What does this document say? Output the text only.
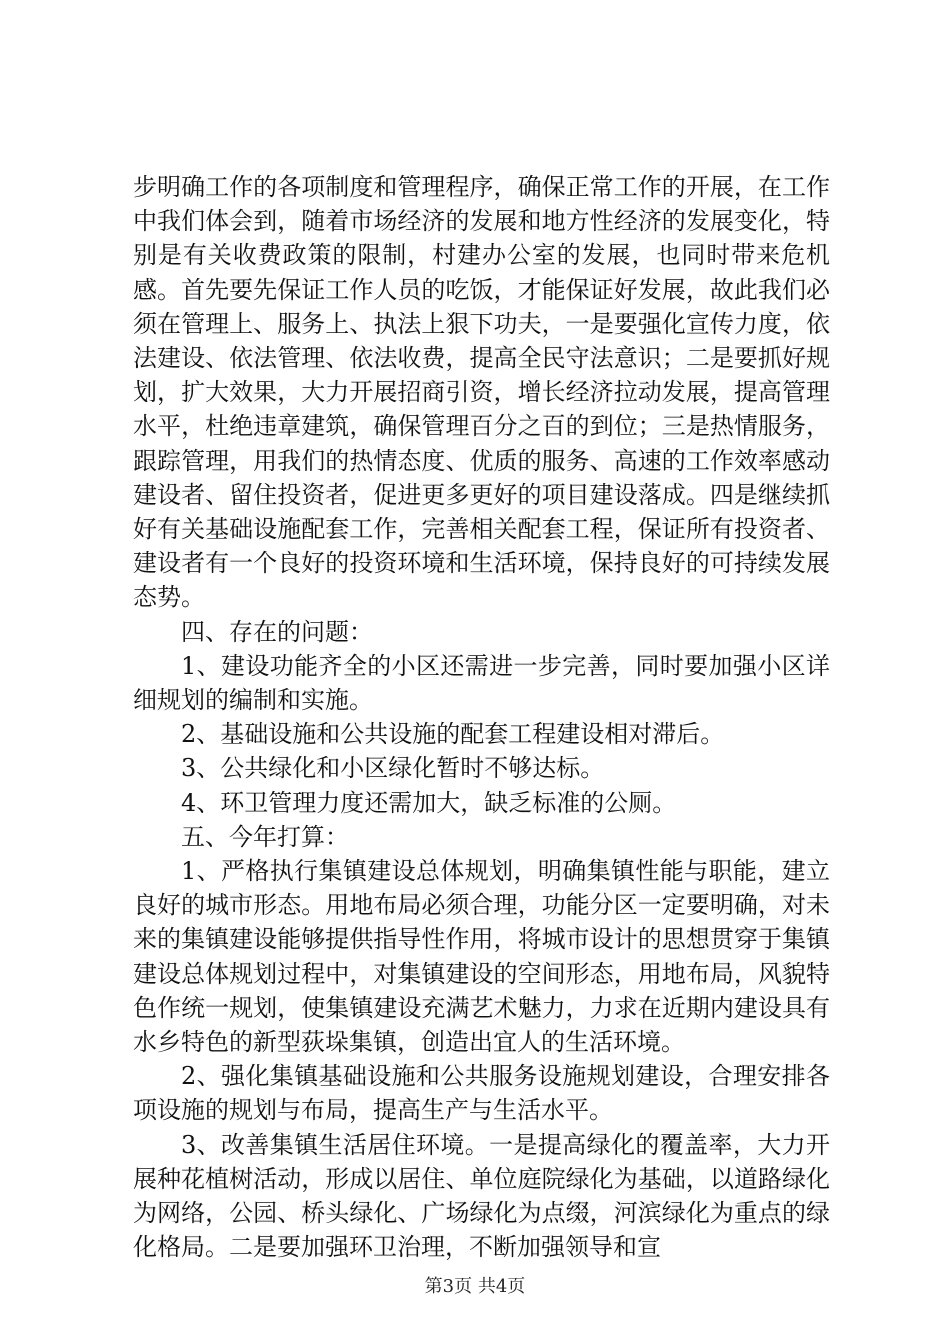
步明确工作的各项制度和管理程序，确保正常工作的开展，在工作中我们体会到，随着市场经济的发展和地方性经济的发展变化，特别是有关收费政策的限制，村建办公室的发展，也同时带来危机感。首先要先保证工作人员的吃饭，才能保证好发展，故此我们必须在管理上、服务上、执法上狠下功夫，一是要强化宣传力度，依法建设、依法管理、依法收费，提高全民守法意识；二是要抓好规划，扩大效果，大力开展招商引资，增长经济拉动发展，提高管理水平，杜绝违章建筑，确保管理百分之百的到位；三是热情服务，跟踪管理，用我们的热情态度、优质的服务、高速的工作效率感动建设者、留住投资者，促进更多更好的项目建设落成。四是继续抓好有关基础设施配套工作，完善相关配套工程，保证所有投资者、建设者有一个良好的投资环境和生活环境，保持良好的可持续发展态势。

四、存在的问题：

1、建设功能齐全的小区还需进一步完善，同时要加强小区详细规划的编制和实施。

2、基础设施和公共设施的配套工程建设相对滞后。

3、公共绿化和小区绿化暂时不够达标。

4、环卫管理力度还需加大，缺乏标准的公厕。

五、今年打算：

1、严格执行集镇建设总体规划，明确集镇性能与职能，建立良好的城市形态。用地布局必须合理，功能分区一定要明确，对未来的集镇建设能够提供指导性作用，将城市设计的思想贯穿于集镇建设总体规划过程中，对集镇建设的空间形态，用地布局，风貌特色作统一规划，使集镇建设充满艺术魅力，力求在近期内建设具有水乡特色的新型荻垛集镇，创造出宜人的生活环境。

2、强化集镇基础设施和公共服务设施规划建设，合理安排各项设施的规划与布局，提高生产与生活水平。

3、改善集镇生活居住环境。一是提高绿化的覆盖率，大力开展种花植树活动，形成以居住、单位庭院绿化为基础，以道路绿化为网络，公园、桥头绿化、广场绿化为点缀，河滨绿化为重点的绿化格局。二是要加强环卫治理，不断加强领导和宣

第3页 共4页
